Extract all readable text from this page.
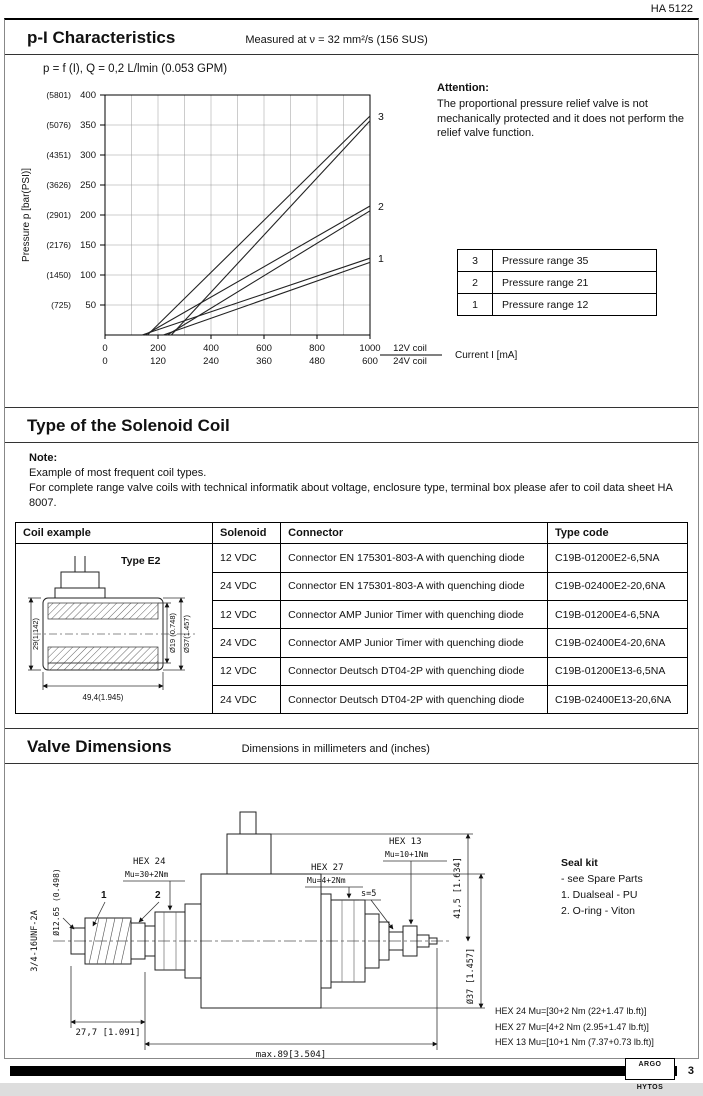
HA 5122
p-I Characteristics	Measured at ν = 32 mm²/s (156 SUS)
p = f (I), Q = 0,2 L/lmin (0.053 GPM)
50
(725)
100
(1450)
150
(2176)
200
(2901)
250
(3626)
300
(4351)
350
(5076)
400
(5801)
0
0
200
120
400
240
600
360
800
480
1000
600
12V coil
24V coil
Current I [mA]
Pressure p [bar(PSI)]
3
2
1
Attention:
The proportional pressure relief valve is not mechanically protected and it does not perform the relief valve function.
3	Pressure range 35
2	Pressure range 21
1	Pressure range 12
Type of the Solenoid Coil
Note:
Example of most frequent coil types.
For complete range valve coils with technical informatik about voltage, enclosure type, terminal box please afer to coil data sheet HA 8007.
Coil example	Solenoid	Connector	Type code

Type E2
29(1.142) Ø19 (0.748) Ø37(1.457)
49,4(1.945)	12 VDC	Connector EN 175301-803-A with quenching diode	C19B-01200E2-6,5NA
	24 VDC	Connector EN 175301-803-A with quenching diode	C19B-02400E2-20,6NA
	12 VDC	Connector AMP Junior Timer with quenching diode	C19B-01200E4-6,5NA
	24 VDC	Connector AMP Junior Timer with quenching diode	C19B-02400E4-20,6NA
	12 VDC	Connector Deutsch DT04-2P with quenching diode	C19B-01200E13-6,5NA
	24 VDC	Connector Deutsch DT04-2P with quenching diode	C19B-02400E13-20,6NA
Valve Dimensions	Dimensions in millimeters and (inches)
1	2
HEX 24
Mu=30+2Nm
HEX 27
Mu=4+2Nm
HEX 13
Mu=10+1Nm
s=5
Ø12.65 (0.498)
3/4-16UNF-2A
27,7 [1.091]
max.89[3.504]
41,5 [1.634]
Ø37 [1.457]
Seal kit
- see Spare Parts
1. Dualseal - PU
2. O-ring - Viton
HEX 24 Mu=[30+2 Nm (22+1.47 lb.ft)]
HEX 27 Mu=[4+2 Nm (2.95+1.47 lb.ft)]
HEX 13 Mu=[10+1 Nm (7.37+0.73 lb.ft)]
ARGO
HYTOS
3
